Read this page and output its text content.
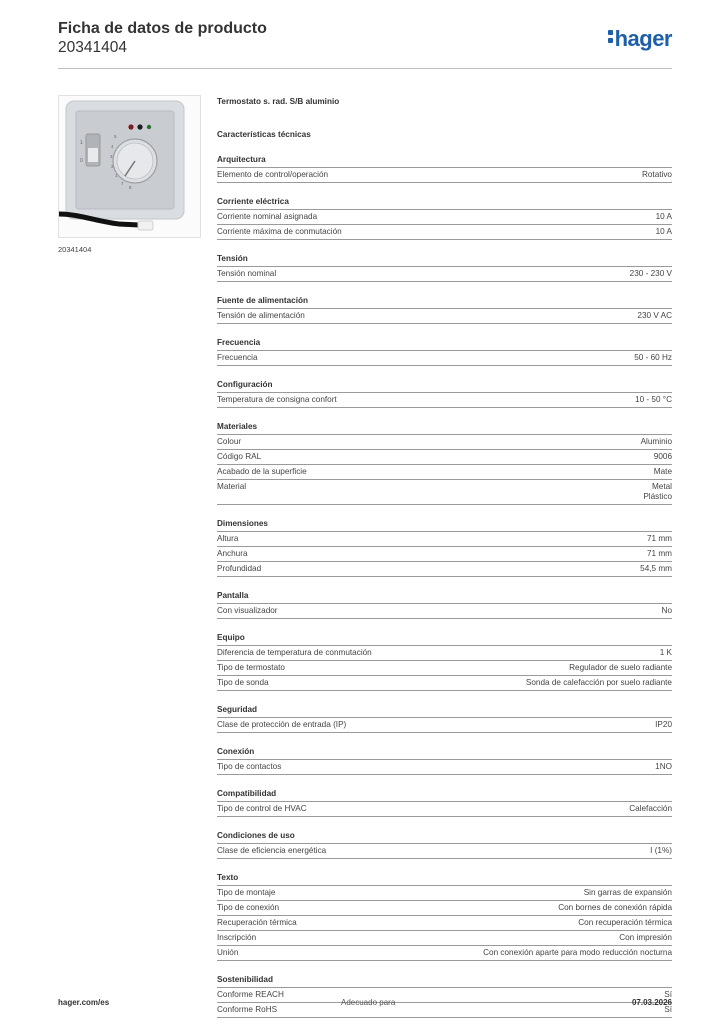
Ficha de datos de producto
20341404	hager
1
0
5
4
3
2
1
7
8
20341404
Termostato s. rad. S/B aluminio
Características técnicas
Arquitectura
Elemento de control/operación	Rotativo
Corriente eléctrica
Corriente nominal asignada	10 A
Corriente máxima de conmutación	10 A
Tensión
Tensión nominal	230 - 230 V
Fuente de alimentación
Tensión de alimentación	230 V AC
Frecuencia
Frecuencia	50 - 60 Hz
Configuración
Temperatura de consigna confort	10 - 50 °C
Materiales
Colour	Aluminio
Código RAL	9006
Acabado de la superficie	Mate
Material	Metal
Plástico
Dimensiones
Altura	71 mm
Anchura	71 mm
Profundidad	54,5 mm
Pantalla
Con visualizador	No
Equipo
Diferencia de temperatura de conmutación	1 K
Tipo de termostato	Regulador de suelo radiante
Tipo de sonda	Sonda de calefacción por suelo radiante
Seguridad
Clase de protección de entrada (IP)	IP20
Conexión
Tipo de contactos	1NO
Compatibilidad
Tipo de control de HVAC	Calefacción
Condiciones de uso
Clase de eficiencia energética	I (1%)
Texto
Tipo de montaje	Sin garras de expansión
Tipo de conexión	Con bornes de conexión rápida
Recuperación térmica	Con recuperación térmica
Inscripción	Con impresión
Unión	Con conexión aparte para modo reducción nocturna
Sostenibilidad
Conforme REACH	Sí
Conforme RoHS	Sí
hager.com/es	Adecuado para	07.03.2026
